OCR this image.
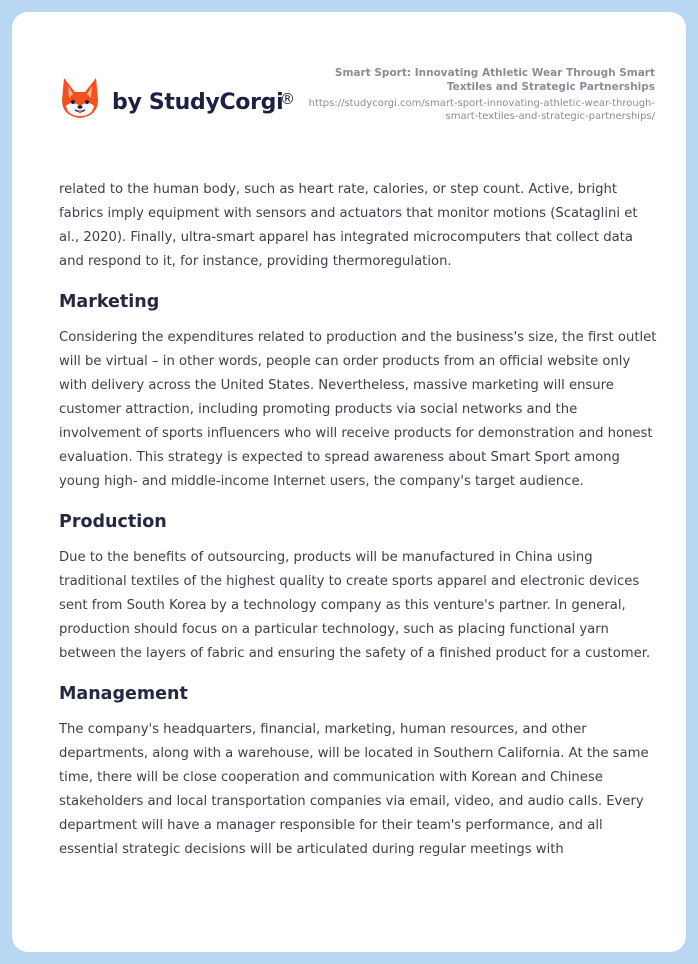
by StudyCorgi
®
Smart Sport: Innovating Athletic Wear Through Smart Textiles and Strategic Partnerships
https://studycorgi.com/smart-sport-innovating-athletic-wear-through-smart-textiles-and-strategic-partnerships/

related to the human body, such as heart rate, calories, or step count. Active, bright fabrics imply equipment with sensors and actuators that monitor motions (Scataglini et al., 2020). Finally, ultra-smart apparel has integrated microcomputers that collect data and respond to it, for instance, providing thermoregulation.

Marketing

Considering the expenditures related to production and the business's size, the first outlet will be virtual – in other words, people can order products from an official website only with delivery across the United States. Nevertheless, massive marketing will ensure customer attraction, including promoting products via social networks and the involvement of sports influencers who will receive products for demonstration and honest evaluation. This strategy is expected to spread awareness about Smart Sport among young high- and middle-income Internet users, the company's target audience.

Production

Due to the benefits of outsourcing, products will be manufactured in China using traditional textiles of the highest quality to create sports apparel and electronic devices sent from South Korea by a technology company as this venture's partner. In general, production should focus on a particular technology, such as placing functional yarn between the layers of fabric and ensuring the safety of a finished product for a customer.

Management

The company's headquarters, financial, marketing, human resources, and other departments, along with a warehouse, will be located in Southern California. At the same time, there will be close cooperation and communication with Korean and Chinese stakeholders and local transportation companies via email, video, and audio calls. Every department will have a manager responsible for their team's performance, and all essential strategic decisions will be articulated during regular meetings with
